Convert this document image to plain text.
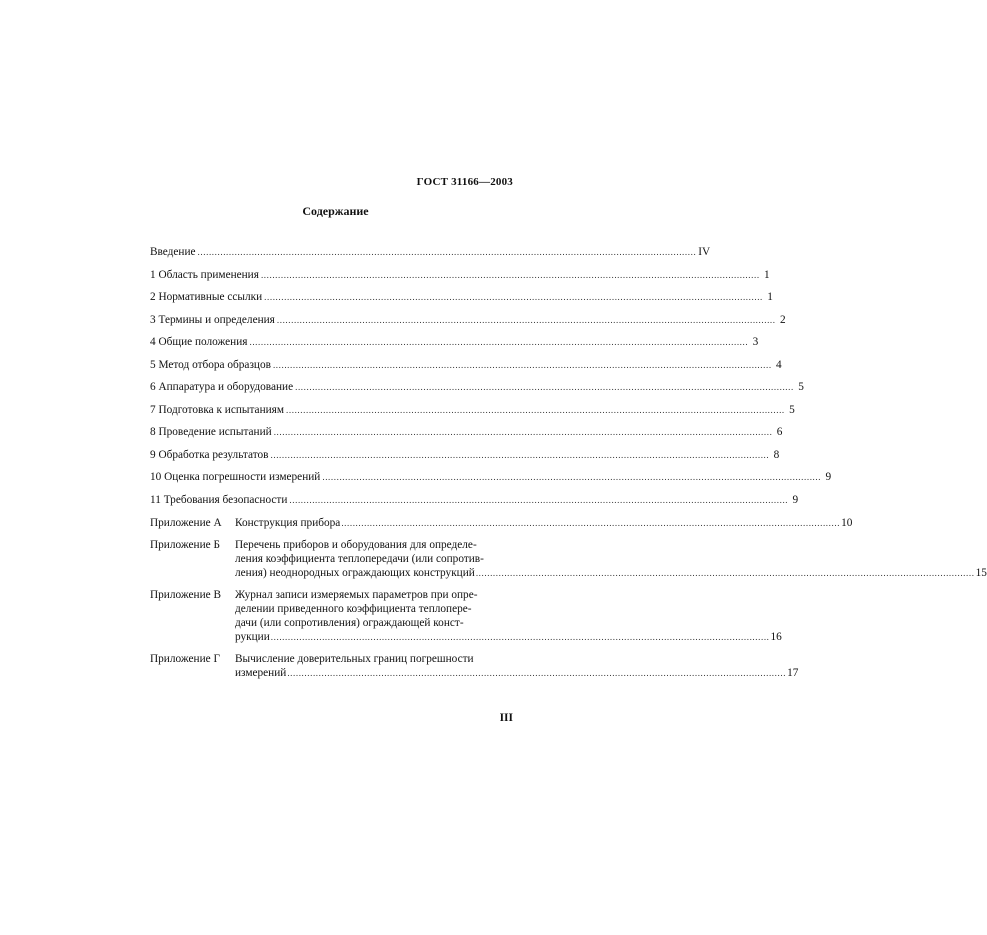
ГОСТ 31166—2003
Содержание
Введение .....	IV
1 Область применения .....	1
2 Нормативные ссылки .....	1
3 Термины и определения .....	2
4 Общие положения .....	3
5 Метод отбора образцов .....	4
6 Аппаратура и оборудование .....	5
7 Подготовка к испытаниям .....	5
8 Проведение испытаний .....	6
9 Обработка результатов .....	8
10 Оценка погрешности измерений .....	9
11 Требования безопасности .....	9
Приложение А	Конструкция прибора .....	10
Приложение Б	Перечень приборов и оборудования для определе-
ления коэффициента теплопередачи (или сопротив-
ления) неоднородных ограждающих конструкций .....	15
Приложение В	Журнал записи измеряемых параметров при опре-
делении приведенного коэффициента теплопере-
дачи (или сопротивления) ограждающей конст-
рукции .....	16
Приложение Г	Вычисление доверительных границ погрешности
измерений .....	17
III
